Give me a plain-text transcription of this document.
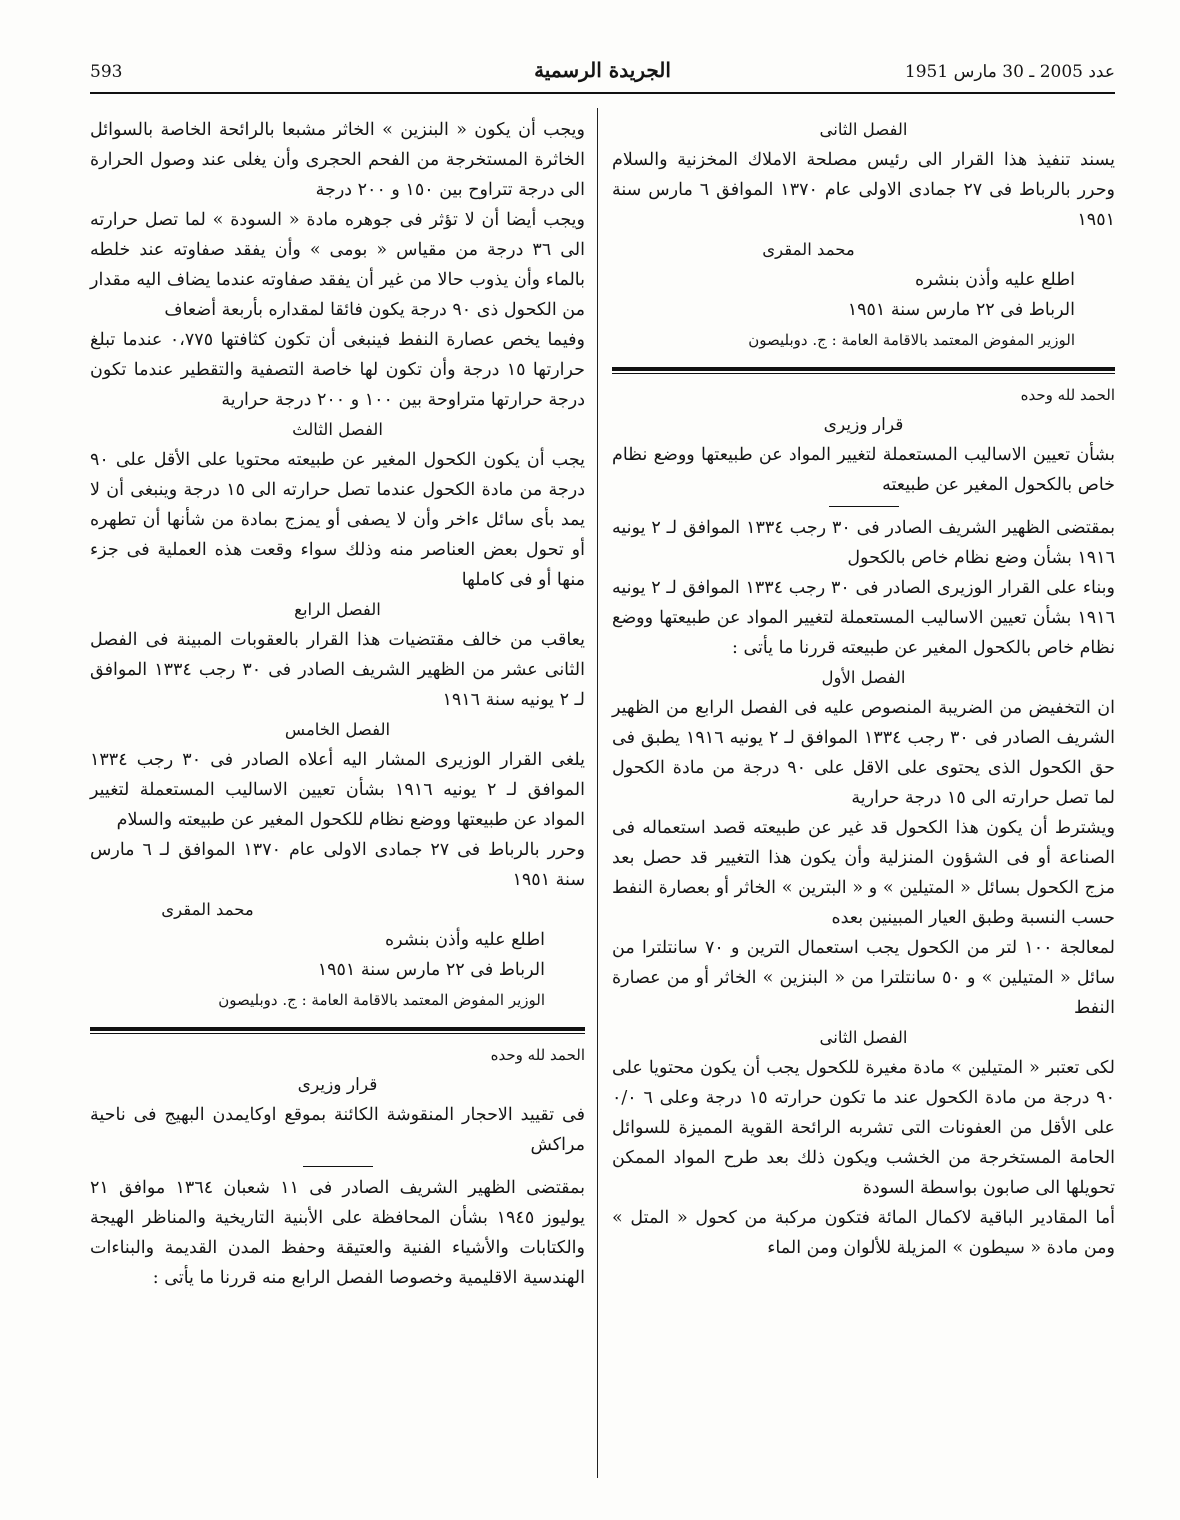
593	الجريدة الرسمية	عدد 2005 ـ 30 مارس 1951

الفصل الثانى

يسند تنفيذ هذا القرار الى رئيس مصلحة الاملاك المخزنية والسلام وحرر بالرباط فى ٢٧ جمادى الاولى عام ١٣٧٠ الموافق ٦ مارس سنة ١٩٥١

محمد المقرى

اطلع عليه وأذن بنشره

الرباط فى ٢٢ مارس سنة ١٩٥١

الوزير المفوض المعتمد بالاقامة العامة : ج. دوبليصون

الحمد لله وحده

قرار وزيرى

بشأن تعيين الاساليب المستعملة لتغيير المواد عن طبيعتها ووضع نظام خاص بالكحول المغير عن طبيعته

بمقتضى الظهير الشريف الصادر فى ٣٠ رجب ١٣٣٤ الموافق لـ ٢ يونيه ١٩١٦ بشأن وضع نظام خاص بالكحول

وبناء على القرار الوزيرى الصادر فى ٣٠ رجب ١٣٣٤ الموافق لـ ٢ يونيه ١٩١٦ بشأن تعيين الاساليب المستعملة لتغيير المواد عن طبيعتها ووضع نظام خاص بالكحول المغير عن طبيعته قررنا ما يأتى :

الفصل الأول

ان التخفيض من الضريبة المنصوص عليه فى الفصل الرابع من الظهير الشريف الصادر فى ٣٠ رجب ١٣٣٤ الموافق لـ ٢ يونيه ١٩١٦ يطبق فى حق الكحول الذى يحتوى على الاقل على ٩٠ درجة من مادة الكحول لما تصل حرارته الى ١٥ درجة حرارية

ويشترط أن يكون هذا الكحول قد غير عن طبيعته قصد استعماله فى الصناعة أو فى الشؤون المنزلية وأن يكون هذا التغيير قد حصل بعد مزج الكحول بسائل « المتيلين » و « البترين » الخاثر أو بعصارة النفط حسب النسبة وطبق العيار المبينين بعده

لمعالجة ١٠٠ لتر من الكحول يجب استعمال الترين و ٧٠ سانتلترا من سائل « المتيلين » و ٥٠ سانتلترا من « البنزين » الخاثر أو من عصارة النفط

الفصل الثانى

لكى تعتبر « المتيلين » مادة مغيرة للكحول يجب أن يكون محتويا على ٩٠ درجة من مادة الكحول عند ما تكون حرارته ١٥ درجة وعلى ٦ ٠/٠ على الأقل من العفونات التى تشربه الرائحة القوية المميزة للسوائل الحامة المستخرجة من الخشب ويكون ذلك بعد طرح المواد الممكن تحويلها الى صابون بواسطة السودة

أما المقادير الباقية لاكمال المائة فتكون مركبة من كحول « المتل » ومن مادة « سيطون » المزيلة للألوان ومن الماء

ويجب أن يكون « البنزين » الخاثر مشبعا بالرائحة الخاصة بالسوائل الخاثرة المستخرجة من الفحم الحجرى وأن يغلى عند وصول الحرارة الى درجة تتراوح بين ١٥٠ و ٢٠٠ درجة

ويجب أيضا أن لا تؤثر فى جوهره مادة « السودة » لما تصل حرارته الى ٣٦ درجة من مقياس « بومى » وأن يفقد صفاوته عند خلطه بالماء وأن يذوب حالا من غير أن يفقد صفاوته عندما يضاف اليه مقدار من الكحول ذى ٩٠ درجة يكون فائقا لمقداره بأربعة أضعاف

وفيما يخص عصارة النفط فينبغى أن تكون كثافتها ٠،٧٧٥ عندما تبلغ حرارتها ١٥ درجة وأن تكون لها خاصة التصفية والتقطير عندما تكون درجة حرارتها متراوحة بين ١٠٠ و ٢٠٠ درجة حرارية

الفصل الثالث

يجب أن يكون الكحول المغير عن طبيعته محتويا على الأقل على ٩٠ درجة من مادة الكحول عندما تصل حرارته الى ١٥ درجة وينبغى أن لا يمد بأى سائل ءاخر وأن لا يصفى أو يمزج بمادة من شأنها أن تطهره أو تحول بعض العناصر منه وذلك سواء وقعت هذه العملية فى جزء منها أو فى كاملها

الفصل الرابع

يعاقب من خالف مقتضيات هذا القرار بالعقوبات المبينة فى الفصل الثانى عشر من الظهير الشريف الصادر فى ٣٠ رجب ١٣٣٤ الموافق لـ ٢ يونيه سنة ١٩١٦

الفصل الخامس

يلغى القرار الوزيرى المشار اليه أعلاه الصادر فى ٣٠ رجب ١٣٣٤ الموافق لـ ٢ يونيه ١٩١٦ بشأن تعيين الاساليب المستعملة لتغيير المواد عن طبيعتها ووضع نظام للكحول المغير عن طبيعته والسلام

وحرر بالرباط فى ٢٧ جمادى الاولى عام ١٣٧٠ الموافق لـ ٦ مارس سنة ١٩٥١

محمد المقرى

اطلع عليه وأذن بنشره

الرباط فى ٢٢ مارس سنة ١٩٥١

الوزير المفوض المعتمد بالاقامة العامة : ج. دوبليصون

الحمد لله وحده

قرار وزيرى

فى تقييد الاحجار المنقوشة الكائنة بموقع اوكايمدن البهيج فى ناحية مراكش

بمقتضى الظهير الشريف الصادر فى ١١ شعبان ١٣٦٤ موافق ٢١ يوليوز ١٩٤٥ بشأن المحافظة على الأبنية التاريخية والمناظر الهيجة والكتابات والأشياء الفنية والعتيقة وحفظ المدن القديمة والبناءات الهندسية الاقليمية وخصوصا الفصل الرابع منه قررنا ما يأتى :
